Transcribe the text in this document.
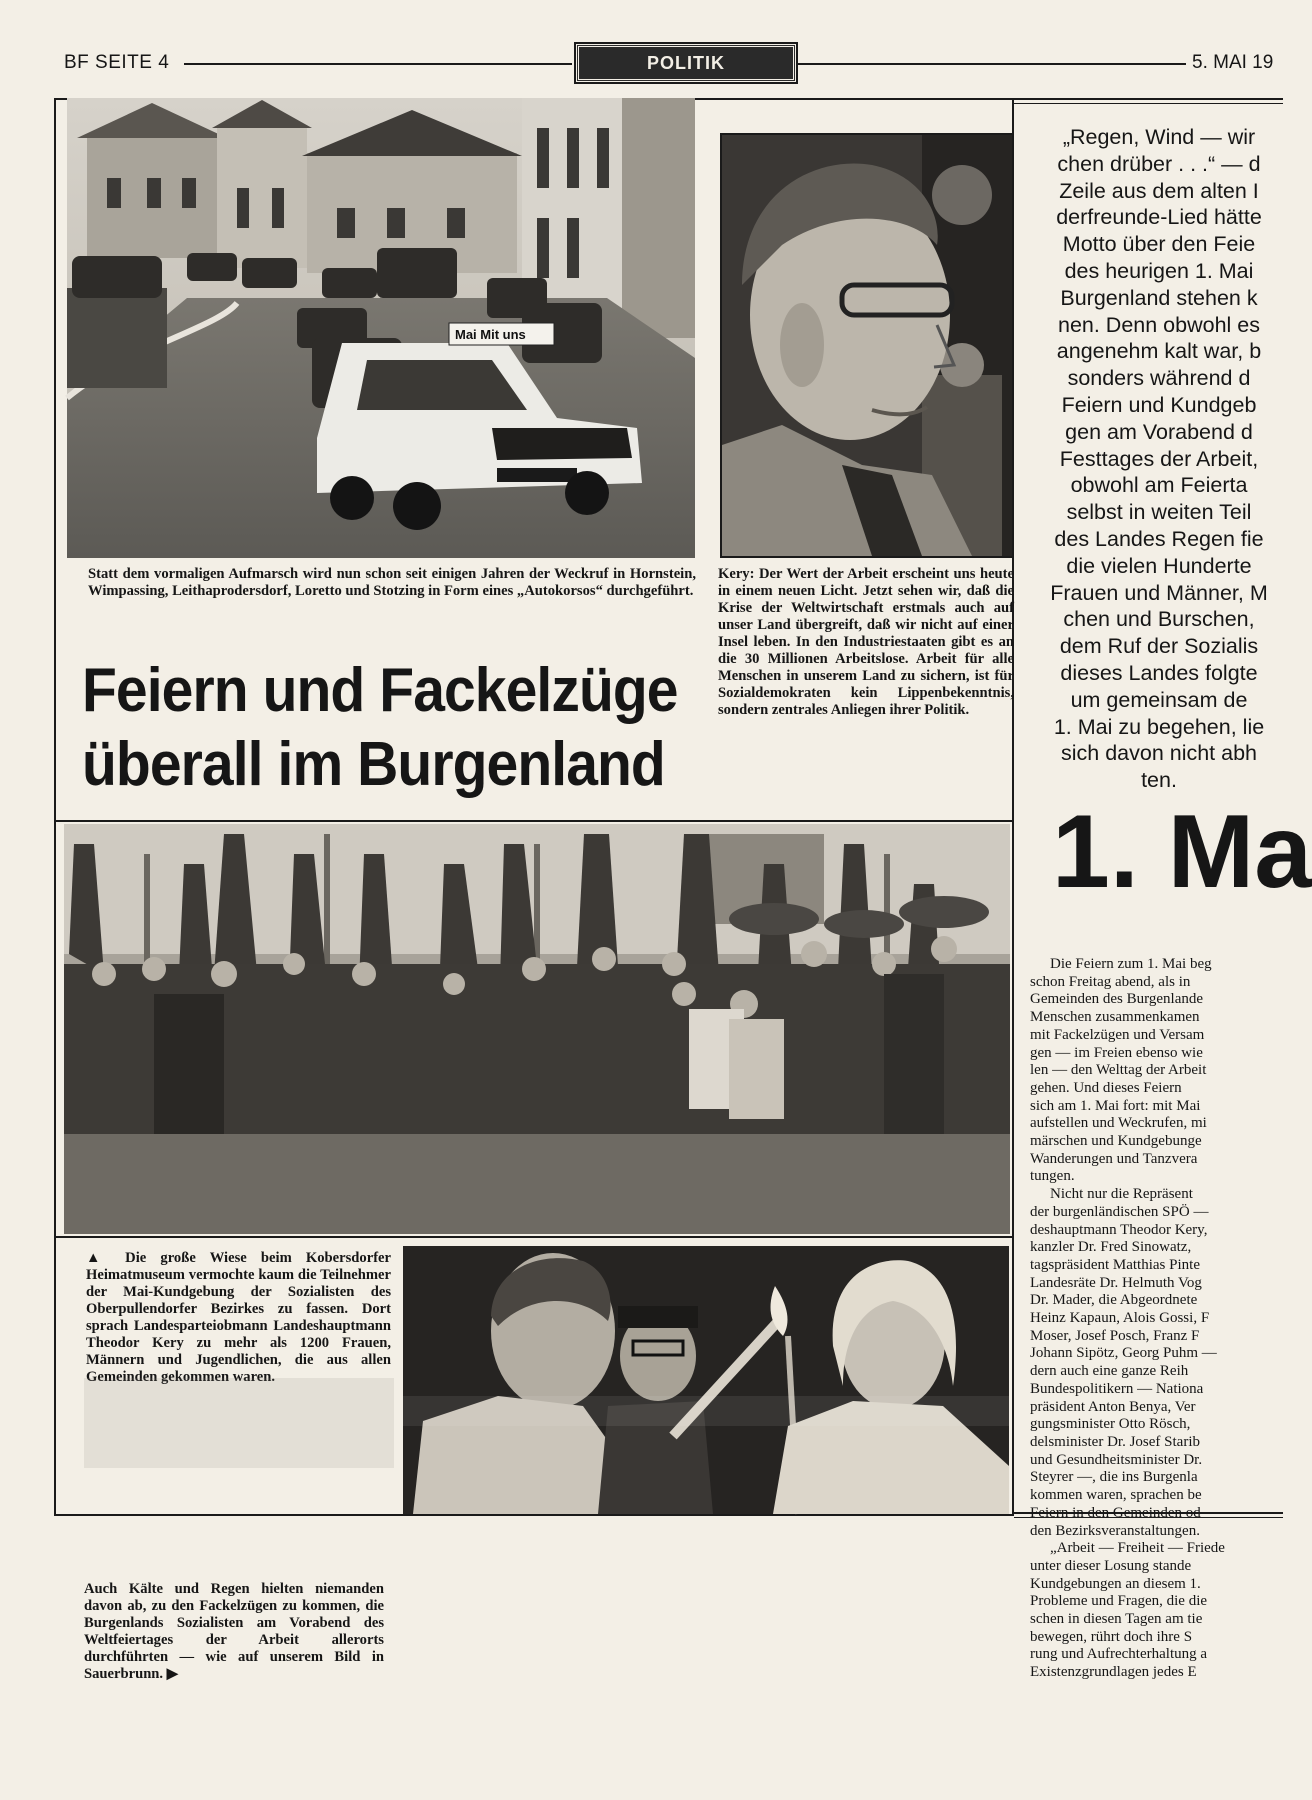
BF SEITE 4	POLITIK	5. MAI 19
Mai Mit uns
Statt dem vormaligen Aufmarsch wird nun schon seit einigen Jahren der Weckruf in Hornstein, Wimpassing, Leithaprodersdorf, Loretto und Stotzing in Form eines „Autokorsos“ durchgeführt.
Kery: Der Wert der Arbeit erscheint uns heute in einem neuen Licht. Jetzt sehen wir, daß die Krise der Weltwirtschaft erstmals auch auf unser Land übergreift, daß wir nicht auf einer Insel leben. In den Industriestaaten gibt es an die 30 Millionen Arbeitslose. Arbeit für alle Menschen in unserem Land zu sichern, ist für Sozialdemokraten kein Lippenbekenntnis, sondern zentrales Anliegen ihrer Politik.
Feiern und Fackelzüge
überall im Burgenland
▲ Die große Wiese beim Kobersdorfer Heimatmuseum vermochte kaum die Teilnehmer der Mai-Kundgebung der Sozialisten des Oberpullendorfer Bezirkes zu fassen. Dort sprach Landesparteiobmann Landeshauptmann Theodor Kery zu mehr als 1200 Frauen, Männern und Jugendlichen, die aus allen Gemeinden gekommen waren.
Auch Kälte und Regen hielten niemanden davon ab, zu den Fackelzügen zu kommen, die Burgenlands Sozialisten am Vorabend des Weltfeiertages der Arbeit allerorts durchführten — wie auf unserem Bild in Sauerbrunn. ▶
„Regen, Wind — wir
chen drüber . . .“ — d
Zeile aus dem alten I
derfreunde-Lied hätte
Motto über den Feie
des heurigen 1. Mai
Burgenland stehen k
nen. Denn obwohl es
angenehm kalt war, b
sonders während d
Feiern und Kundgeb
gen am Vorabend d
Festtages der Arbeit,
obwohl am Feierta
selbst in weiten Teil
des Landes Regen fie
die vielen Hunderte
Frauen und Männer, M
chen und Burschen,
dem Ruf der Sozialis
dieses Landes folgte
um gemeinsam de
1. Mai zu begehen, lie
sich davon nicht abh
ten.
1. Ma

Die Feiern zum 1. Mai beg

schon Freitag abend, als in

Gemeinden des Burgenlande

Menschen zusammenkamen

mit Fackelzügen und Versam

gen — im Freien ebenso wie

len — den Welttag der Arbeit

gehen. Und dieses Feiern

sich am 1. Mai fort: mit Mai

aufstellen und Weckrufen, mi

märschen und Kundgebunge

Wanderungen und Tanzvera

tungen.

Nicht nur die Repräsent

der burgenländischen SPÖ —

deshauptmann Theodor Kery,

kanzler Dr. Fred Sinowatz,

tagspräsident Matthias Pinte

Landesräte Dr. Helmuth Vog

Dr. Mader, die Abgeordnete

Heinz Kapaun, Alois Gossi, F

Moser, Josef Posch, Franz F

Johann Sipötz, Georg Puhm —

dern auch eine ganze Reih

Bundespolitikern — Nationa

präsident Anton Benya, Ver

gungsminister Otto Rösch,

delsminister Dr. Josef Starib

und Gesundheitsminister Dr.

Steyrer —, die ins Burgenla

kommen waren, sprachen be

Feiern in den Gemeinden od

den Bezirksveranstaltungen.

„Arbeit — Freiheit — Friede

unter dieser Losung stande

Kundgebungen an diesem 1.

Probleme und Fragen, die die

schen in diesen Tagen am tie

bewegen, rührt doch ihre S

rung und Aufrechterhaltung a

Existenzgrundlagen jedes E
